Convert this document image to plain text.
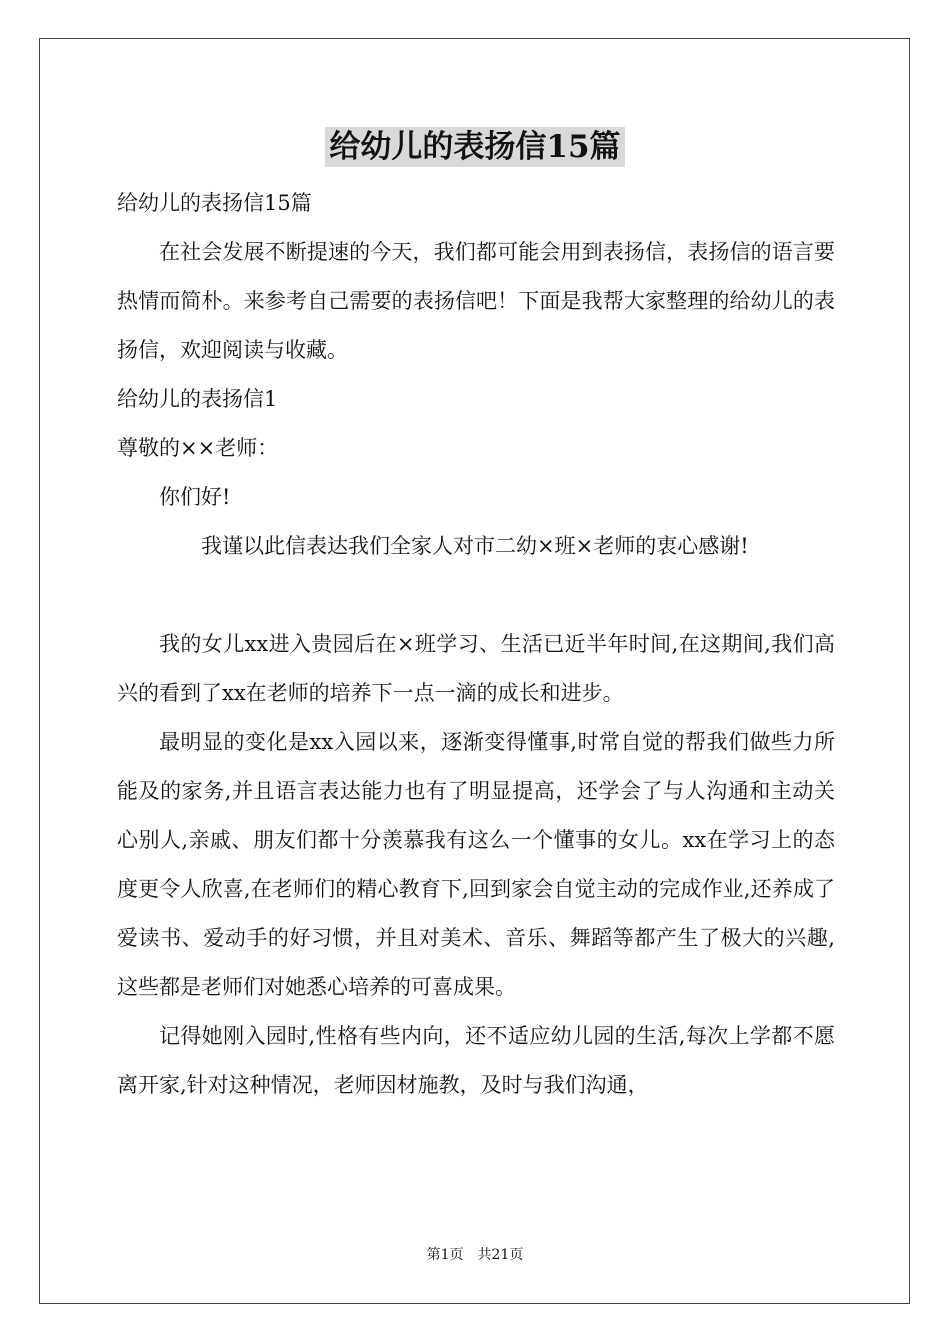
给幼儿的表扬信15篇

给幼儿的表扬信15篇

在社会发展不断提速的今天，我们都可能会用到表扬信，表扬信的语言要热情而简朴。来参考自己需要的表扬信吧！下面是我帮大家整理的给幼儿的表扬信，欢迎阅读与收藏。

给幼儿的表扬信1

尊敬的××老师：

你们好!

我谨以此信表达我们全家人对市二幼×班×老师的衷心感谢!

我的女儿xx进入贵园后在×班学习、生活已近半年时间,在这期间,我们高兴的看到了xx在老师的培养下一点一滴的成长和进步。

最明显的变化是xx入园以来，逐渐变得懂事,时常自觉的帮我们做些力所能及的家务,并且语言表达能力也有了明显提高，还学会了与人沟通和主动关心别人,亲戚、朋友们都十分羡慕我有这么一个懂事的女儿。xx在学习上的态度更令人欣喜,在老师们的精心教育下,回到家会自觉主动的完成作业,还养成了爱读书、爱动手的好习惯，并且对美术、音乐、舞蹈等都产生了极大的兴趣,这些都是老师们对她悉心培养的可喜成果。

记得她刚入园时,性格有些内向，还不适应幼儿园的生活,每次上学都不愿离开家,针对这种情况，老师因材施教，及时与我们沟通，

第1页　共21页
